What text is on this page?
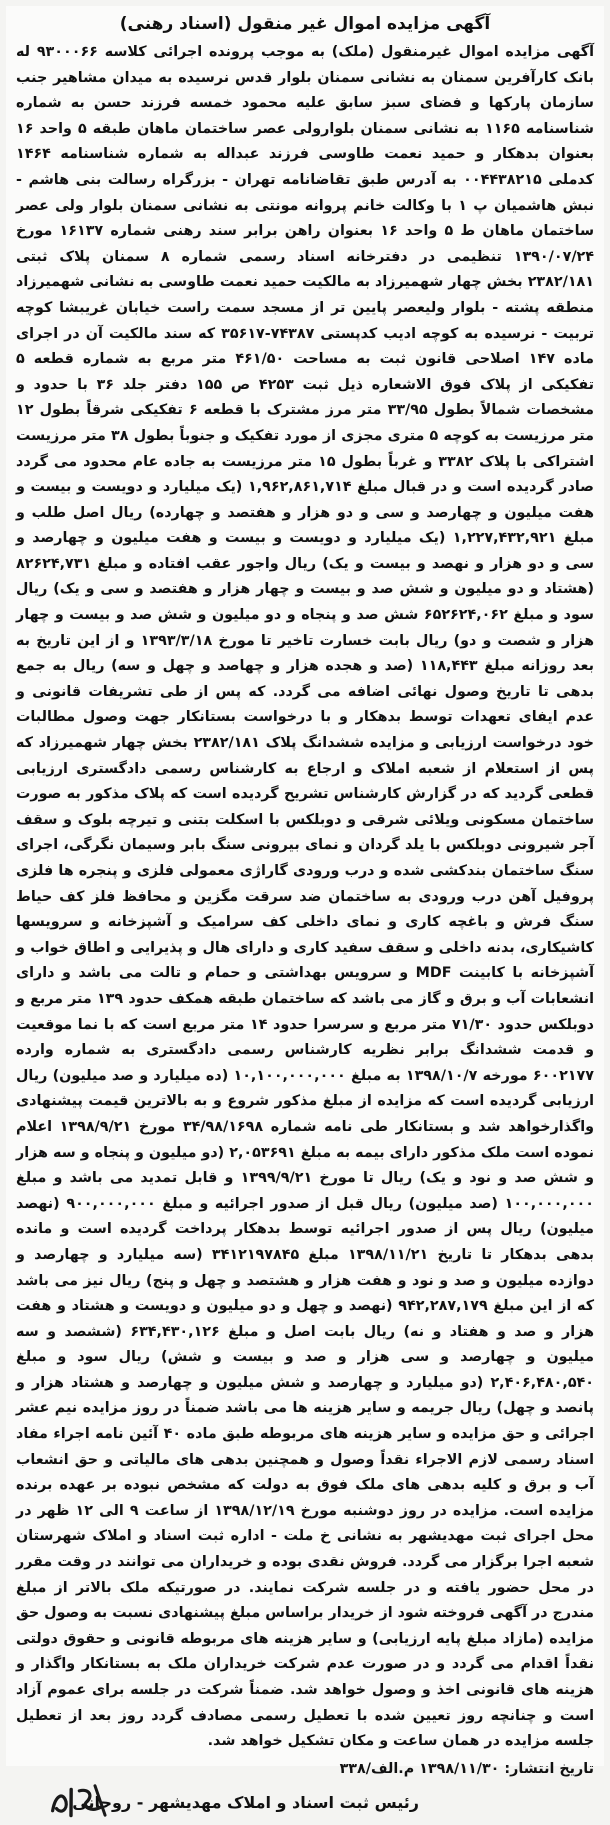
آگهی مزایده اموال غیر منقول (اسناد رهنی)

آگهی مزایده اموال غیرمنقول (ملک) به موجب پرونده اجرائی کلاسه ۹۳۰۰۰۶۶ له بانک کارآفرین سمنان به نشانی سمنان بلوار قدس نرسیده به میدان مشاهیر جنب سازمان پارکها و فضای سبز سابق علیه محمود خمسه فرزند حسن به شماره شناسنامه ۱۱۶۵ به نشانی سمنان بلوارولی عصر ساختمان ماهان طبقه ۵ واحد ۱۶ بعنوان بدهکار و حمید نعمت طاوسی فرزند عبداله به شماره شناسنامه ۱۴۶۴ کدملی ۰۰۴۴۳۸۲۱۵ به آدرس طبق تقاضانامه تهران - بزرگراه رسالت بنی هاشم - نبش هاشمیان پ ۱ با وکالت خانم پروانه مونتی به نشانی سمنان بلوار ولی عصر ساختمان ماهان ط ۵ واحد ۱۶ بعنوان راهن برابر سند رهنی شماره ۱۶۱۳۷ مورخ ۱۳۹۰/۰۷/۲۴ تنظیمی در دفترخانه اسناد رسمی شماره ۸ سمنان پلاک ثبتی ۲۳۸۲/۱۸۱ بخش چهار شهمیرزاد به مالکیت حمید نعمت طاوسی به نشانی شهمیرزاد منطقه پشته - بلوار ولیعصر پایین تر از مسجد سمت راست خیابان غریبشا کوچه تربیت - نرسیده به کوچه ادیب کدپستی ۷۴۳۸۷-۳۵۶۱۷ که سند مالکیت آن در اجرای ماده ۱۴۷ اصلاحی قانون ثبت به مساحت ۴۶۱/۵۰ متر مربع به شماره قطعه ۵ تفکیکی از پلاک فوق الاشعاره ذیل ثبت ۴۲۵۳ ص ۱۵۵ دفتر جلد ۳۶ با حدود و مشخصات شمالاً بطول ۳۳/۹۵ متر مرز مشترک با قطعه ۶ تفکیکی شرقاً بطول ۱۲ متر مرزیست به کوچه ۵ متری مجزی از مورد تفکیک و جنوباً بطول ۳۸ متر مرزیست اشتراکی با پلاک ۳۳۸۲ و غرباً بطول ۱۵ متر مرزیست به جاده عام محدود می گردد صادر گردیده است و در قبال مبلغ ۱,۹۶۲,۸۶۱,۷۱۴ (یک میلیارد و دویست و بیست و هفت میلیون و چهارصد و سی و دو هزار و هفتصد و چهارده) ریال اصل طلب و مبلغ ۱,۲۲۷,۴۳۲,۹۲۱ (یک میلیارد و دویست و بیست و هفت میلیون و چهارصد و سی و دو هزار و نهصد و بیست و یک) ریال واجور عقب افتاده و مبلغ ۸۲۶۲۴,۷۳۱ (هشتاد و دو میلیون و شش صد و بیست و چهار هزار و هفتصد و سی و یک) ریال سود و مبلغ ۶۵۲۶۲۴,۰۶۲ شش صد و پنجاه و دو میلیون و شش صد و بیست و چهار هزار و شصت و دو) ریال بابت خسارت تاخیر تا مورخ ۱۳۹۳/۳/۱۸ و از این تاریخ به بعد روزانه مبلغ ۱۱۸,۴۴۳ (صد و هجده هزار و چهاصد و چهل و سه) ریال به جمع بدهی تا تاریخ وصول نهائی اضافه می گردد. که پس از طی تشریفات قانونی و عدم ایفای تعهدات توسط بدهکار و با درخواست بستانکار جهت وصول مطالبات خود درخواست ارزیابی و مزایده ششدانگ پلاک ۲۳۸۲/۱۸۱ بخش چهار شهمیرزاد که پس از استعلام از شعبه املاک و ارجاع به کارشناس رسمی دادگستری ارزیابی قطعی گردید که در گزارش کارشناس تشریح گردیده است که پلاک مذکور به صورت ساختمان مسکونی ویلائی شرقی و دوبلکس با اسکلت بتنی و تیرچه بلوک و سقف آجر شیرونی دوبلکس با یلد گردان و نمای بیرونی سنگ بابر وسیمان نگرگی، اجرای سنگ ساختمان بندکشی شده و درب ورودی گاراژی معمولی فلزی و پنجره ها فلزی پروفیل آهن درب ورودی به ساختمان ضد سرقت مگزین و محافظ فلز کف حیاط سنگ فرش و باغچه کاری و نمای داخلی کف سرامیک و آشپزخانه و سرویسها کاشیکاری، بدنه داخلی و سقف سفید کاری و دارای هال و پذیرایی و اطاق خواب و آشپزخانه با کابینت MDF و سرویس بهداشتی و حمام و تالت می باشد و دارای انشعابات آب و برق و گاز می باشد که ساختمان طبقه همکف حدود ۱۳۹ متر مربع و دوبلکس حدود ۷۱/۳۰ متر مربع و سرسرا حدود ۱۴ متر مربع است که با نما موقعیت و قدمت ششدانگ برابر نظریه کارشناس رسمی دادگستری به شماره وارده ۶۰۰۲۱۷۷ مورخه ۱۳۹۸/۱۰/۷ به مبلغ ۱۰,۱۰۰,۰۰۰,۰۰۰ (ده میلیارد و صد میلیون) ریال ارزیابی گردیده است که مزایده از مبلغ مذکور شروع و به بالاترین قیمت پیشنهادی واگذارخواهد شد و بستانکار طی نامه شماره ۳۴/۹۸/۱۶۹۸ مورخ ۱۳۹۸/۹/۲۱ اعلام نموده است ملک مذکور دارای بیمه به مبلغ ۲,۰۵۳۶۹۱ (دو میلیون و پنجاه و سه هزار و شش صد و نود و یک) ریال تا مورخ ۱۳۹۹/۹/۲۱ و قابل تمدید می باشد و مبلغ ۱۰۰,۰۰۰,۰۰۰ (صد میلیون) ریال قبل از صدور اجرائیه و مبلغ ۹۰۰,۰۰۰,۰۰۰ (نهصد میلیون) ریال پس از صدور اجرائیه توسط بدهکار پرداخت گردیده است و مانده بدهی بدهکار تا تاریخ ۱۳۹۸/۱۱/۲۱ مبلغ ۳۴۱۲۱۹۷۸۴۵ (سه میلیارد و چهارصد و دوازده میلیون و صد و نود و هفت هزار و هشتصد و چهل و پنج) ریال نیز می باشد که از این مبلغ ۹۴۲,۲۸۷,۱۷۹ (نهصد و چهل و دو میلیون و دویست و هشتاد و هفت هزار و صد و هفتاد و نه) ریال بابت اصل و مبلغ ۶۳۴,۴۳۰,۱۲۶ (ششصد و سه میلیون و چهارصد و سی هزار و صد و بیست و شش) ریال سود و مبلغ ۲,۴۰۶,۴۸۰,۵۴۰ (دو میلیارد و چهارصد و شش میلیون و چهارصد و هشتاد هزار و پانصد و چهل) ریال جریمه و سایر هزینه ها می باشد ضمناً در روز مزایده نیم عشر اجرائی و حق مزایده و سایر هزینه های مربوطه طبق ماده ۴۰ آئین نامه اجراء مفاد اسناد رسمی لازم الاجراء نقداً وصول و همچنین بدهی های مالیاتی و حق انشعاب آب و برق و کلیه بدهی های ملک فوق به دولت که مشخص نبوده بر عهده برنده مزایده است. مزایده در روز دوشنبه مورخ ۱۳۹۸/۱۲/۱۹ از ساعت ۹ الی ۱۲ ظهر در محل اجرای ثبت مهدیشهر به نشانی خ ملت - اداره ثبت اسناد و املاک شهرستان شعبه اجرا برگزار می گردد. فروش نقدی بوده و خریداران می توانند در وقت مقرر در محل حضور یافته و در جلسه شرکت نمایند. در صورتیکه ملک بالاتر از مبلغ مندرج در آگهی فروخته شود از خریدار براساس مبلغ پیشنهادی نسبت به وصول حق مزایده (مازاد مبلغ پایه ارزیابی) و سایر هزینه های مربوطه قانونی و حقوق دولتی نقداً اقدام می گردد و در صورت عدم شرکت خریداران ملک به بستانکار واگذار و هزینه های قانونی اخذ و وصول خواهد شد. ضمناً شرکت در جلسه برای عموم آزاد است و چنانچه روز تعیین شده با تعطیل رسمی مصادف گردد روز بعد از تعطیل جلسه مزایده در همان ساعت و مکان تشکیل خواهد شد.

تاریخ انتشار: ۱۳۹۸/۱۱/۳۰ م.الف/۳۳۸
رئیس ثبت اسناد و املاک مهدیشهر - روحانی
